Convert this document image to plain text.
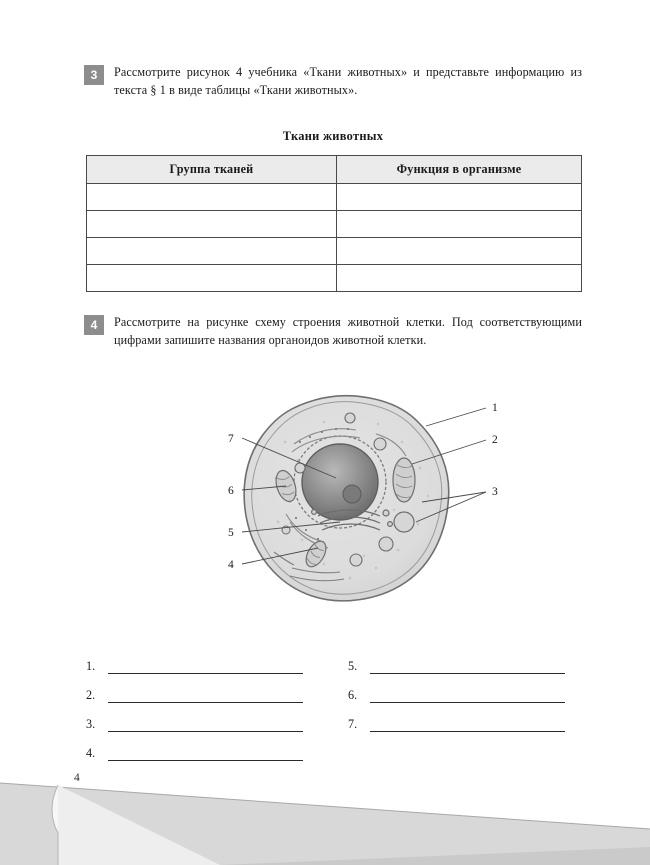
3	Рассмотрите рисунок 4 учебника «Ткани животных» и представьте информацию из текста § 1 в виде таблицы «Ткани животных».
Ткани животных
Группа тканей	Функция в организме

4	Рассмотрите на рисунке схему строения животной клетки. Под соответствующими цифрами запишите названия органоидов животной клетки.
1
2
3
4
5
6
7
1.
2.
3.
4.
5.
6.
7.
4
